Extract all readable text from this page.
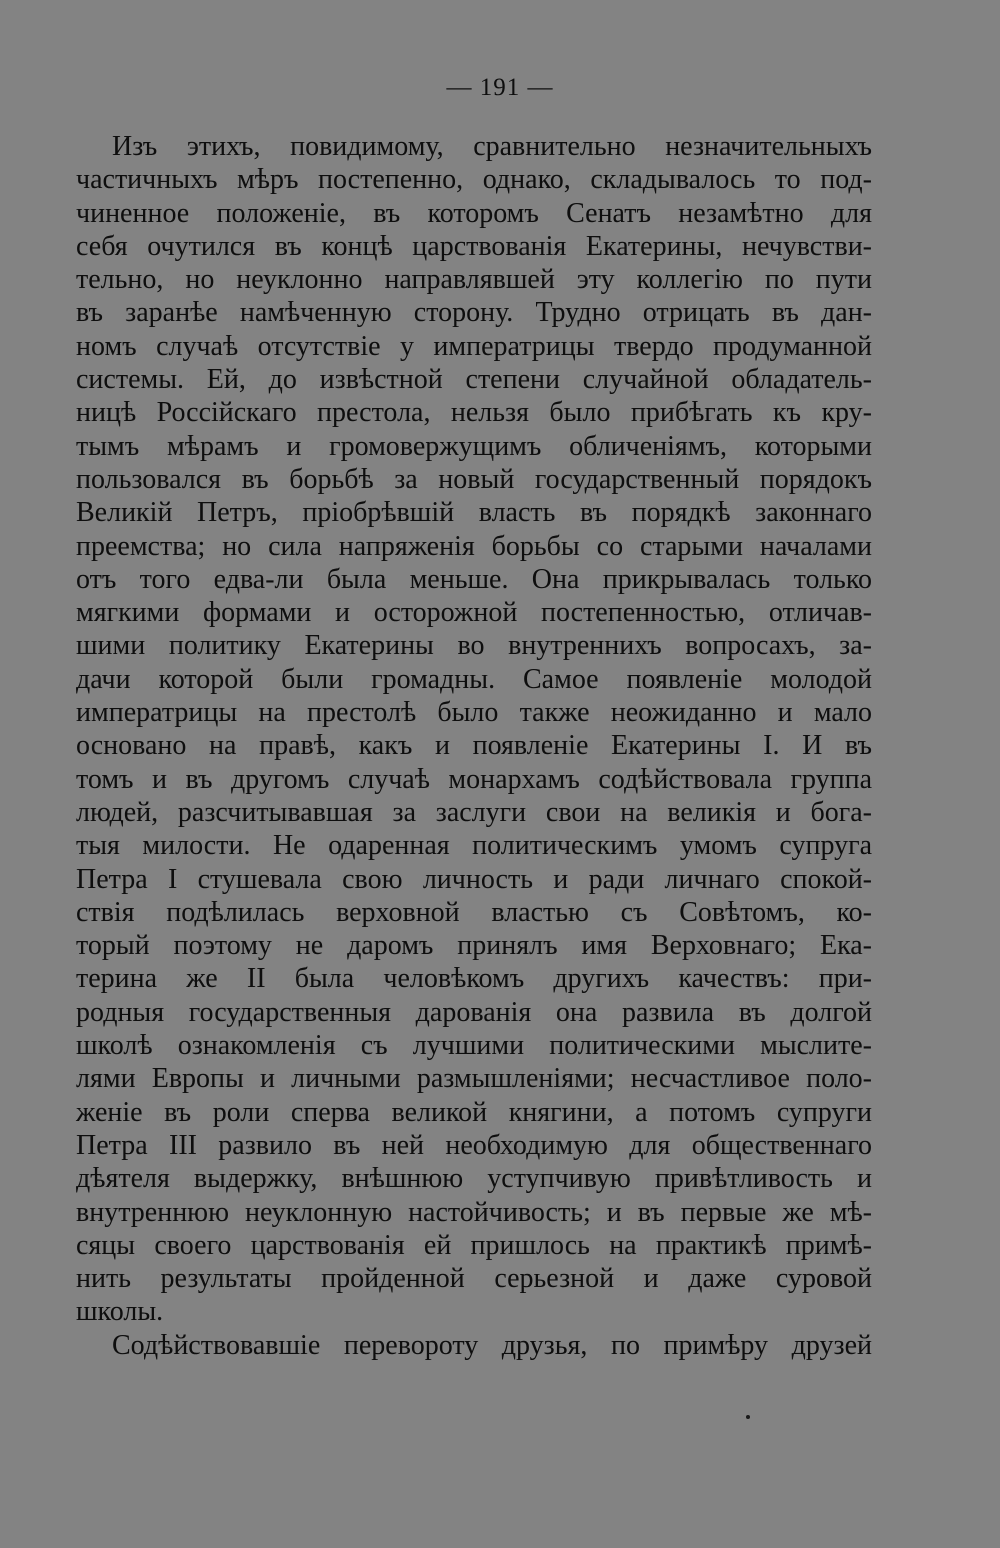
— 191 —
Изъ этихъ, повидимому, сравнительно незначительныхъ
частичныхъ мѣръ постепенно, однако, складывалось то под-
чиненное положеніе, въ которомъ Сенатъ незамѣтно для
себя очутился въ концѣ царствованія Екатерины, нечувстви-
тельно, но неуклонно направлявшей эту коллегію по пути
въ заранѣе намѣченную сторону. Трудно отрицать въ дан-
номъ случаѣ отсутствіе у императрицы твердо продуманной
системы. Ей, до извѣстной степени случайной обладатель-
ницѣ Россійскаго престола, нельзя было прибѣгать къ кру-
тымъ мѣрамъ и громовержущимъ обличеніямъ, которыми
пользовался въ борьбѣ за новый государственный порядокъ
Великій Петръ, пріобрѣвшій власть въ порядкѣ законнаго
преемства; но сила напряженія борьбы со старыми началами
отъ того едва-ли была меньше. Она прикрывалась только
мягкими формами и осторожной постепенностью, отличав-
шими политику Екатерины во внутреннихъ вопросахъ, за-
дачи которой были громадны. Самое появленіе молодой
императрицы на престолѣ было также неожиданно и мало
основано на правѣ, какъ и появленіе Екатерины I. И въ
томъ и въ другомъ случаѣ монархамъ содѣйствовала группа
людей, разсчитывавшая за заслуги свои на великія и бога-
тыя милости. Не одаренная политическимъ умомъ супруга
Петра I стушевала свою личность и ради личнаго спокой-
ствія подѣлилась верховной властью съ Совѣтомъ, ко-
торый поэтому не даромъ принялъ имя Верховнаго; Ека-
терина же II была человѣкомъ другихъ качествъ: при-
родныя государственныя дарованія она развила въ долгой
школѣ ознакомленія съ лучшими политическими мыслите-
лями Европы и личными размышленіями; несчастливое поло-
женіе въ роли сперва великой княгини, а потомъ супруги
Петра III развило въ ней необходимую для общественнаго
дѣятеля выдержку, внѣшнюю уступчивую привѣтливость и
внутреннюю неуклонную настойчивость; и въ первые же мѣ-
сяцы своего царствованія ей пришлось на практикѣ примѣ-
нить результаты пройденной серьезной и даже суровой
школы.
Содѣйствовавшіе перевороту друзья, по примѣру друзей
